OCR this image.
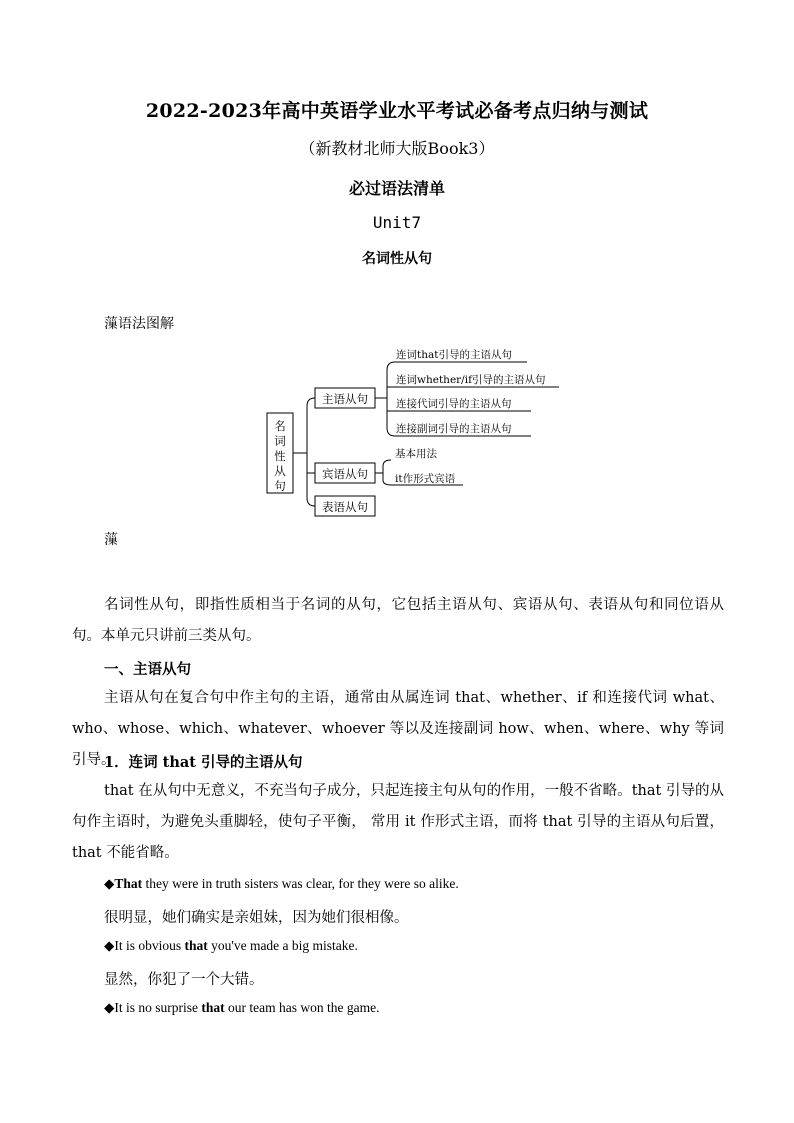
2022-2023年高中英语学业水平考试必备考点归纳与测试
（新教材北师大版Book3）
必过语法清单
Unit7
名词性从句
薻语法图解
名
词
性
从
句
主语从句
宾语从句
表语从句
连词that引导的主语从句
连词whether/if引导的主语从句
连接代词引导的主语从句
连接副词引导的主语从句
基本用法
it作形式宾语
薻
名词性从句，即指性质相当于名词的从句，它包括主语从句、宾语从句、表语从句和同位语从句。本单元只讲前三类从句。
一、主语从句
主语从句在复合句中作主句的主语，通常由从属连词 that、whether、if 和连接代词 what、who、whose、which、whatever、whoever 等以及连接副词 how、when、where、why 等词引导。
1．连词 that 引导的主语从句
that 在从句中无意义，不充当句子成分，只起连接主句从句的作用，一般不省略。that 引导的从句作主语时，为避免头重脚轻，使句子平衡， 常用 it 作形式主语，而将 that 引导的主语从句后置，that 不能省略。
◆That they were in truth sisters was clear, for they were so alike.
很明显，她们确实是亲姐妹，因为她们很相像。
◆It is obvious that you've made a big mistake.
显然，你犯了一个大错。
◆It is no surprise that our team has won the game.
